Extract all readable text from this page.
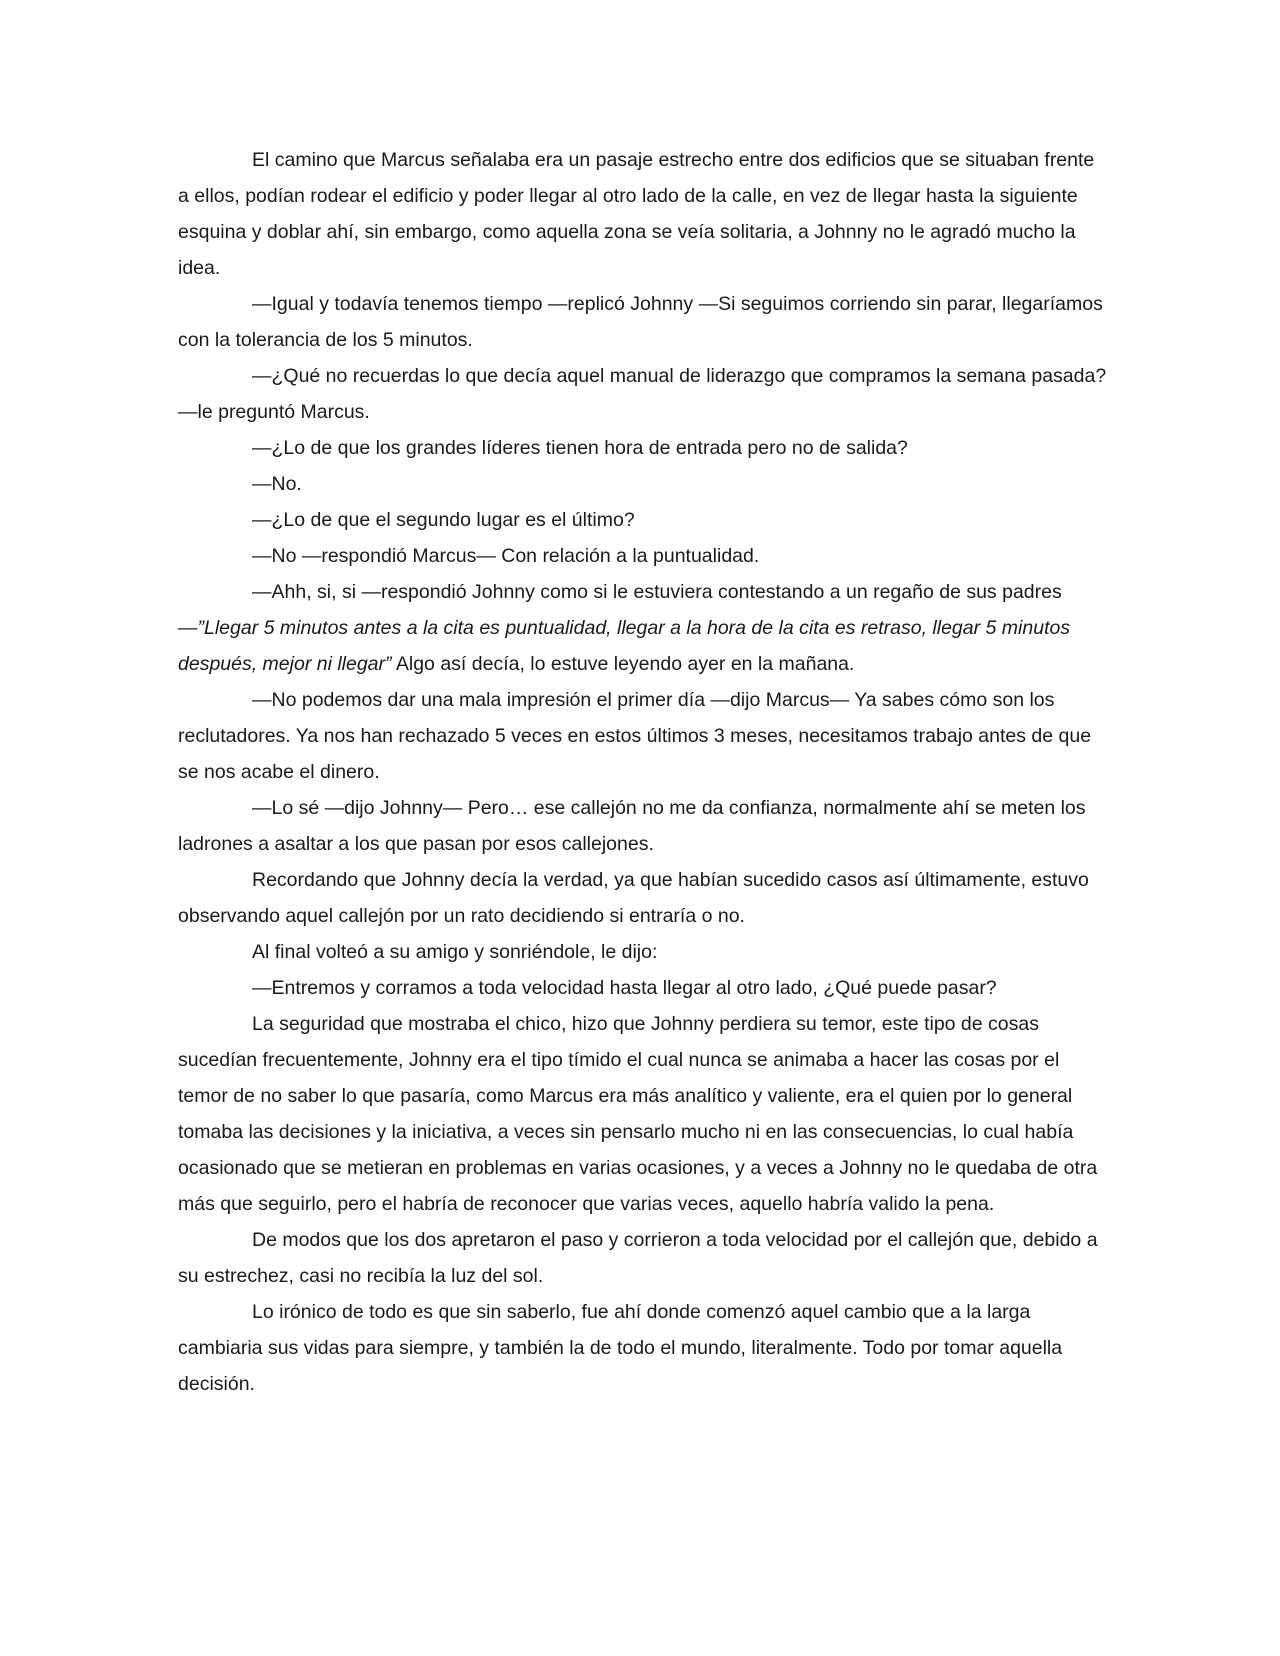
El camino que Marcus señalaba era un pasaje estrecho entre dos edificios que se situaban frente a ellos, podían rodear el edificio y poder llegar al otro lado de la calle, en vez de llegar hasta la siguiente esquina y doblar ahí, sin embargo, como aquella zona se veía solitaria, a Johnny no le agradó mucho la idea.

—Igual y todavía tenemos tiempo —replicó Johnny —Si seguimos corriendo sin parar, llegaríamos con la tolerancia de los 5 minutos.

—¿Qué no recuerdas lo que decía aquel manual de liderazgo que compramos la semana pasada? —le preguntó Marcus.

—¿Lo de que los grandes líderes tienen hora de entrada pero no de salida?

—No.

—¿Lo de que el segundo lugar es el último?

—No —respondió Marcus— Con relación a la puntualidad.

—Ahh, si, si —respondió Johnny como si le estuviera contestando a un regaño de sus padres —”Llegar 5 minutos antes a la cita es puntualidad, llegar a la hora de la cita es retraso, llegar 5 minutos después, mejor ni llegar” Algo así decía, lo estuve leyendo ayer en la mañana.

—No podemos dar una mala impresión el primer día —dijo Marcus— Ya sabes cómo son los reclutadores. Ya nos han rechazado 5 veces en estos últimos 3 meses, necesitamos trabajo antes de que se nos acabe el dinero.

—Lo sé —dijo Johnny— Pero… ese callejón no me da confianza, normalmente ahí se meten los ladrones a asaltar a los que pasan por esos callejones.

Recordando que Johnny decía la verdad, ya que habían sucedido casos así últimamente, estuvo observando aquel callejón por un rato decidiendo si entraría o no.

Al final volteó a su amigo y sonriéndole, le dijo:

—Entremos y corramos a toda velocidad hasta llegar al otro lado, ¿Qué puede pasar?

La seguridad que mostraba el chico, hizo que Johnny perdiera su temor, este tipo de cosas sucedían frecuentemente, Johnny era el tipo tímido el cual nunca se animaba a hacer las cosas por el temor de no saber lo que pasaría, como Marcus era más analítico y valiente, era el quien por lo general tomaba las decisiones y la iniciativa, a veces sin pensarlo mucho ni en las consecuencias, lo cual había ocasionado que se metieran en problemas en varias ocasiones, y a veces a Johnny no le quedaba de otra más que seguirlo, pero el habría de reconocer que varias veces, aquello habría valido la pena.

De modos que los dos apretaron el paso y corrieron a toda velocidad por el callejón que, debido a su estrechez, casi no recibía la luz del sol.

Lo irónico de todo es que sin saberlo, fue ahí donde comenzó aquel cambio que a la larga cambiaria sus vidas para siempre, y también la de todo el mundo, literalmente. Todo por tomar aquella decisión.
